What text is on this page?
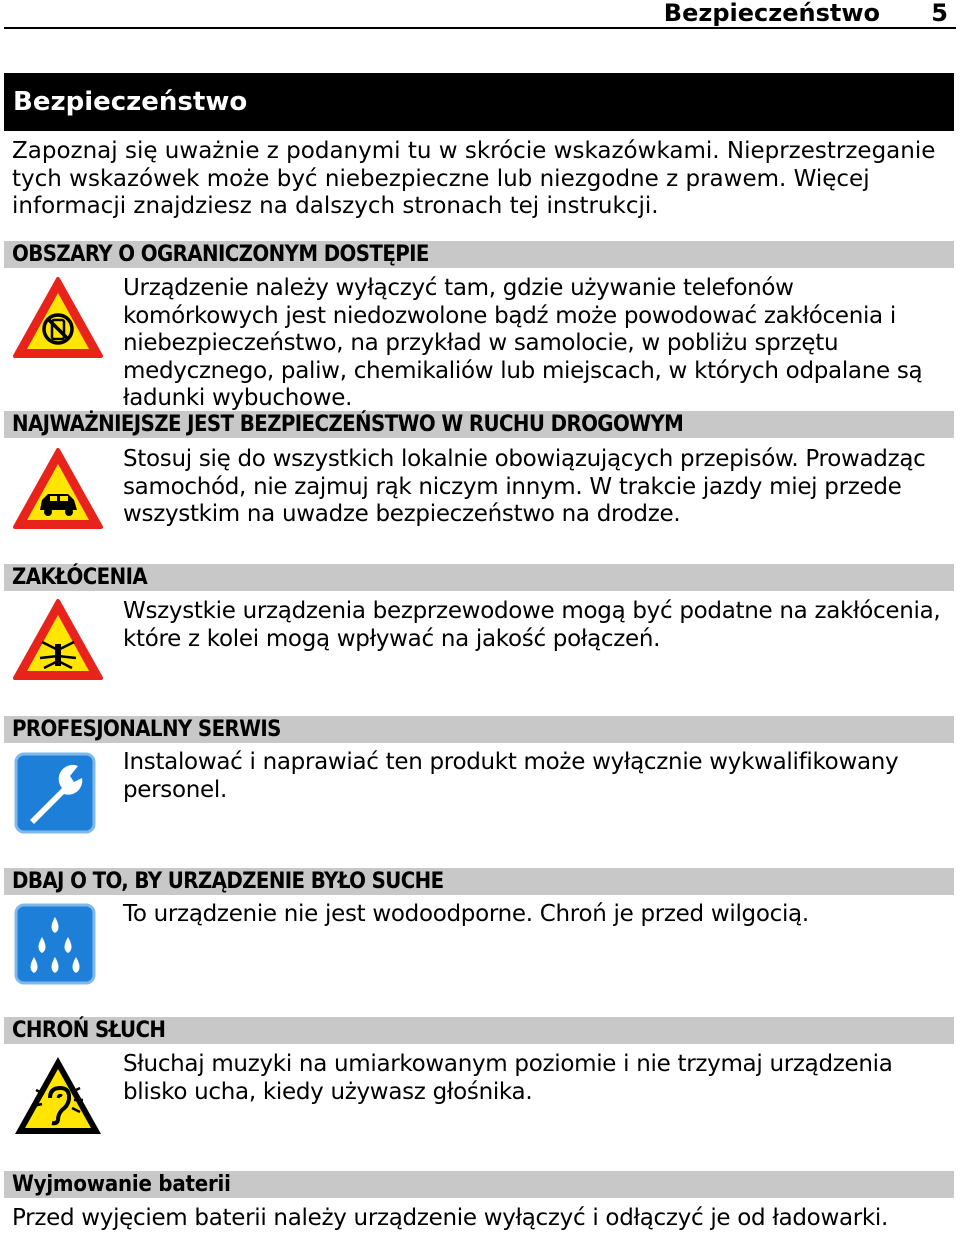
Bezpieczeństwo 5
Bezpieczeństwo
Zapoznaj się uważnie z podanymi tu w skrócie wskazówkami. Nieprzestrzeganie tych wskazówek może być niebezpieczne lub niezgodne z prawem. Więcej informacji znajdziesz na dalszych stronach tej instrukcji.
OBSZARY O OGRANICZONYM DOSTĘPIE
Urządzenie należy wyłączyć tam, gdzie używanie telefonów komórkowych jest niedozwolone bądź może powodować zakłócenia i niebezpieczeństwo, na przykład w samolocie, w pobliżu sprzętu medycznego, paliw, chemikaliów lub miejscach, w których odpalane są ładunki wybuchowe.
NAJWAŻNIEJSZE JEST BEZPIECZEŃSTWO W RUCHU DROGOWYM
Stosuj się do wszystkich lokalnie obowiązujących przepisów. Prowadząc samochód, nie zajmuj rąk niczym innym. W trakcie jazdy miej przede wszystkim na uwadze bezpieczeństwo na drodze.
ZAKŁÓCENIA
Wszystkie urządzenia bezprzewodowe mogą być podatne na zakłócenia, które z kolei mogą wpływać na jakość połączeń.
PROFESJONALNY SERWIS
Instalować i naprawiać ten produkt może wyłącznie wykwalifikowany personel.
DBAJ O TO, BY URZĄDZENIE BYŁO SUCHE
To urządzenie nie jest wodoodporne. Chroń je przed wilgocią.
CHROŃ SŁUCH
Słuchaj muzyki na umiarkowanym poziomie i nie trzymaj urządzenia blisko ucha, kiedy używasz głośnika.
Wyjmowanie baterii
Przed wyjęciem baterii należy urządzenie wyłączyć i odłączyć je od ładowarki.
